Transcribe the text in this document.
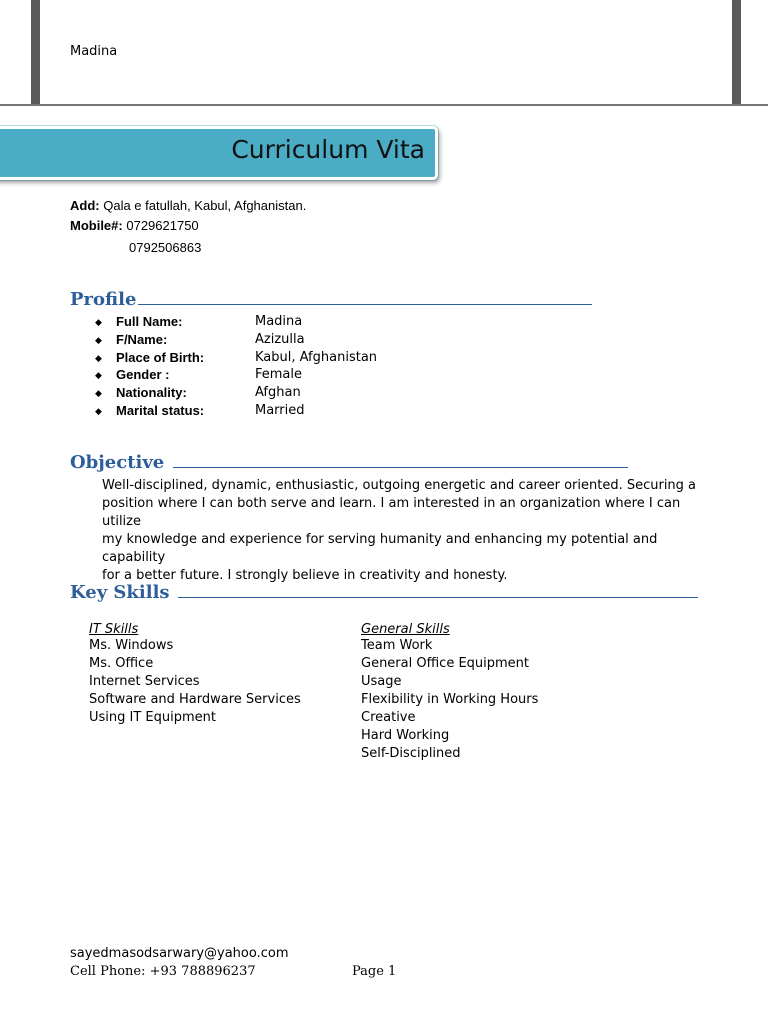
Madina
Curriculum Vita
Add: Qala e fatullah, Kabul, Afghanistan.
Mobile#: 0729621750
0792506863
Profile
◆ Full Name:	Madina
◆ F/Name:	Azizulla
◆ Place of Birth:	Kabul, Afghanistan
◆ Gender :	Female
◆ Nationality:	Afghan
◆ Marital status:	Married
Objective
Well-disciplined, dynamic, enthusiastic, outgoing energetic and career oriented. Securing a
position where I can both serve and learn. I am interested in an organization where I can utilize
my knowledge and experience for serving humanity and enhancing my potential and capability
for a better future. I strongly believe in creativity and honesty.
Key Skills
IT Skills
Ms. Windows
Ms. Office
Internet Services
Software and Hardware Services
Using IT Equipment
General Skills
Team Work
General Office Equipment
Usage
Flexibility in Working Hours
Creative
Hard Working
Self-Disciplined
sayedmasodsarwary@yahoo.com
Cell Phone: +93 788896237	Page 1
